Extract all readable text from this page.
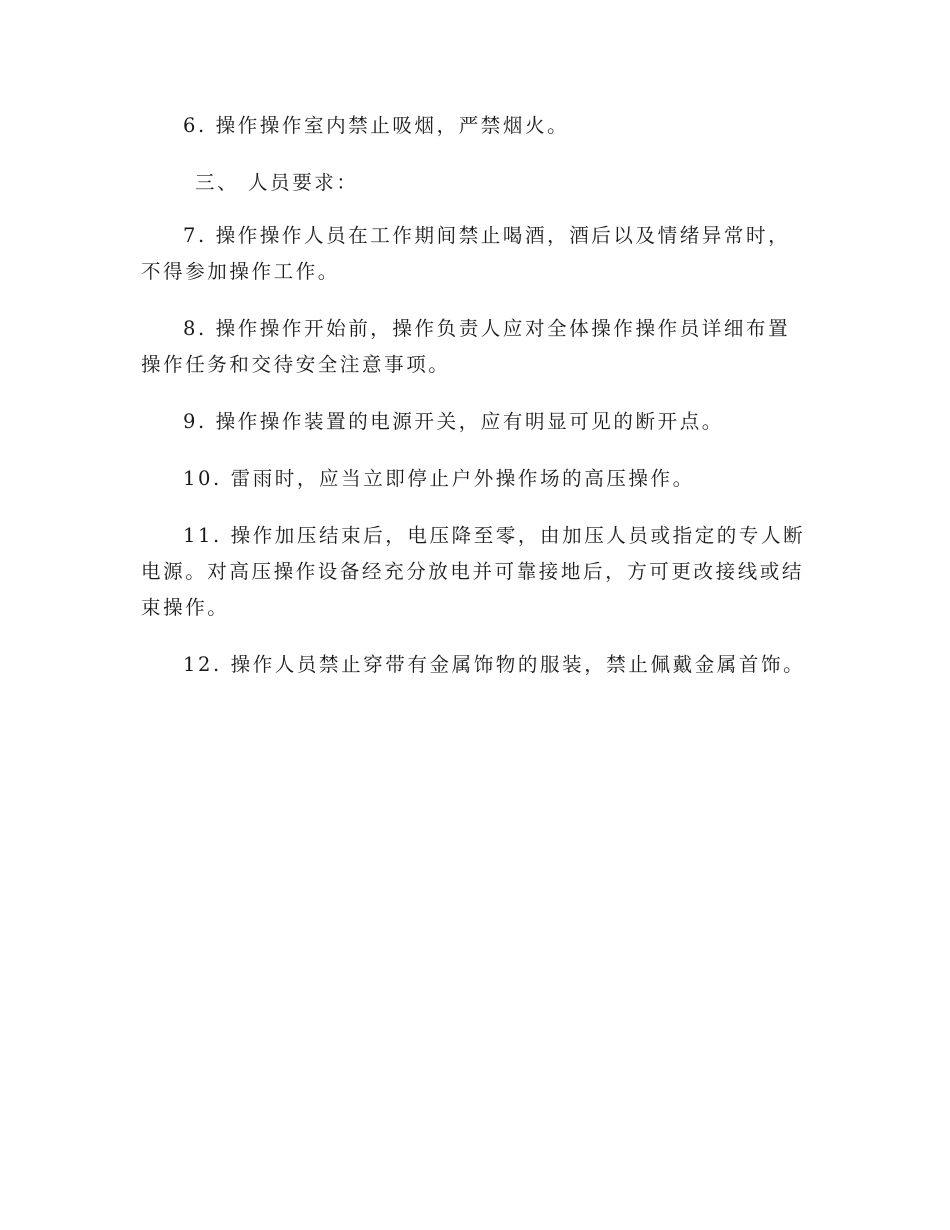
6. 操作操作室内禁止吸烟，严禁烟火。

三、 人员要求：

7. 操作操作人员在工作期间禁止喝酒，酒后以及情绪异常时，不得参加操作工作。

8. 操作操作开始前，操作负责人应对全体操作操作员详细布置操作任务和交待安全注意事项。

9. 操作操作装置的电源开关，应有明显可见的断开点。

10. 雷雨时，应当立即停止户外操作场的高压操作。

11. 操作加压结束后，电压降至零，由加压人员或指定的专人断电源。对高压操作设备经充分放电并可靠接地后，方可更改接线或结束操作。

12. 操作人员禁止穿带有金属饰物的服装，禁止佩戴金属首饰。
